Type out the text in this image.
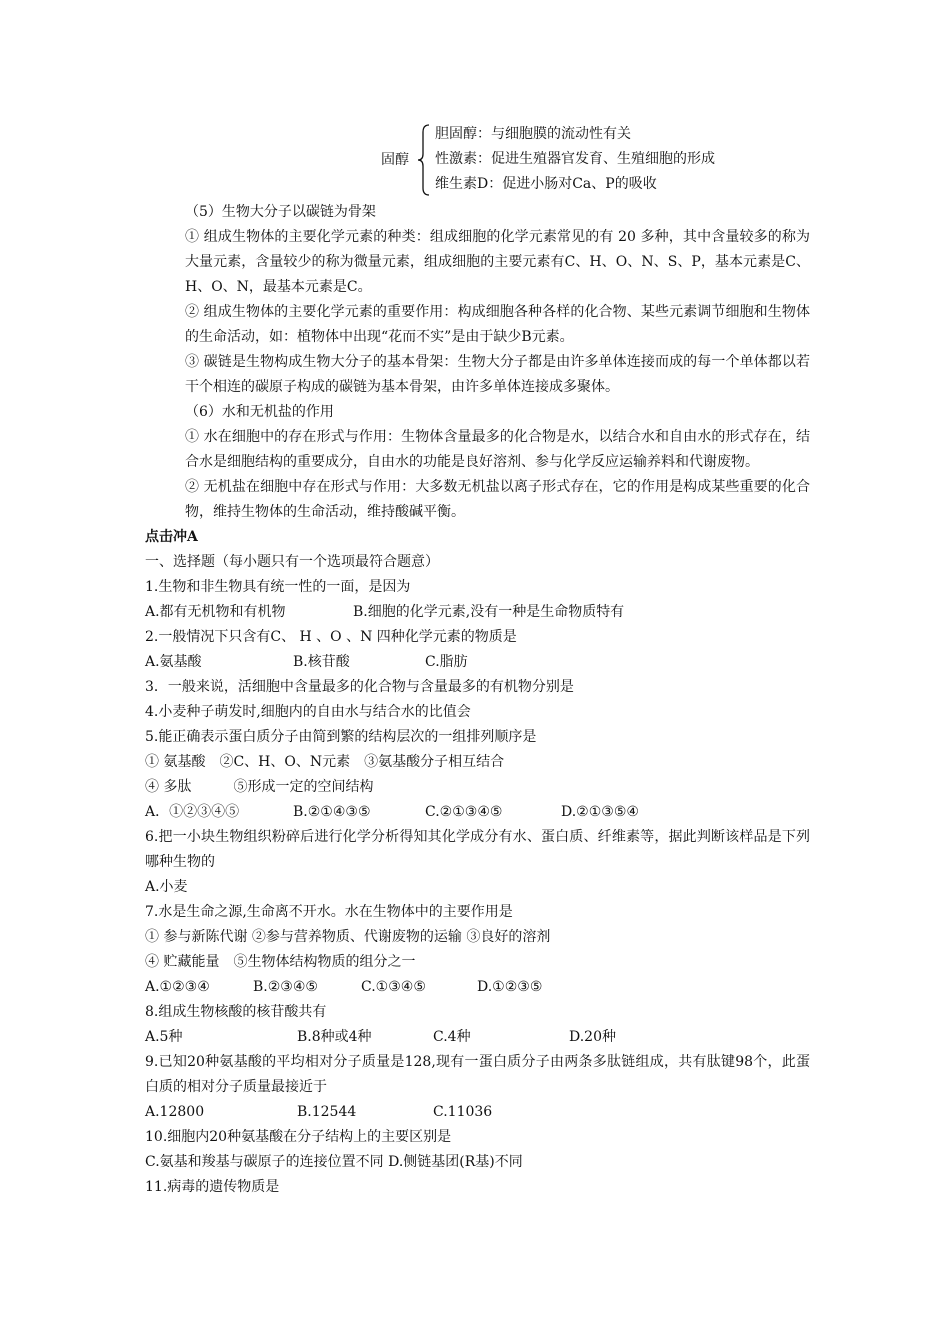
固醇
胆固醇：与细胞膜的流动性有关
性激素：促进生殖器官发育、生殖细胞的形成
维生素D：促进小肠对Ca、P的吸收
（5）生物大分子以碳链为骨架
① 组成生物体的主要化学元素的种类：组成细胞的化学元素常见的有 20 多种，其中含量较多的称为大量元素，含量较少的称为微量元素，组成细胞的主要元素有C、H、O、N、S、P，基本元素是C、H、O、N，最基本元素是C。
② 组成生物体的主要化学元素的重要作用：构成细胞各种各样的化合物、某些元素调节细胞和生物体的生命活动，如：植物体中出现“花而不实”是由于缺少B元素。
③ 碳链是生物构成生物大分子的基本骨架：生物大分子都是由许多单体连接而成的每一个单体都以若干个相连的碳原子构成的碳链为基本骨架，由许多单体连接成多聚体。
（6）水和无机盐的作用
① 水在细胞中的存在形式与作用：生物体含量最多的化合物是水，以结合水和自由水的形式存在，结合水是细胞结构的重要成分，自由水的功能是良好溶剂、参与化学反应运输养料和代谢废物。
② 无机盐在细胞中存在形式与作用：大多数无机盐以离子形式存在，它的作用是构成某些重要的化合物，维持生物体的生命活动，维持酸碱平衡。
点击冲A
一、选择题（每小题只有一个选项最符合题意）
1.生物和非生物具有统一性的一面，是因为
A.都有无机物和有机物	B.细胞的化学元素,没有一种是生命物质特有
2.一般情况下只含有C、 H 、O 、N 四种化学元素的物质是
A.氨基酸	B.核苷酸	C.脂肪
3．一般来说，活细胞中含量最多的化合物与含量最多的有机物分别是
4.小麦种子萌发时,细胞内的自由水与结合水的比值会
5.能正确表示蛋白质分子由简到繁的结构层次的一组排列顺序是
① 氨基酸　②C、H、O、N元素　③氨基酸分子相互结合
④ 多肽　　　⑤形成一定的空间结构
A．①②③④⑤	B.②①④③⑤	C.②①③④⑤	D.②①③⑤④
6.把一小块生物组织粉碎后进行化学分析得知其化学成分有水、蛋白质、纤维素等，据此判断该样品是下列哪种生物的
A.小麦
7.水是生命之源,生命离不开水。水在生物体中的主要作用是
① 参与新陈代谢 ②参与营养物质、代谢废物的运输 ③良好的溶剂
④ 贮藏能量　⑤生物体结构物质的组分之一
A.①②③④	B.②③④⑤	C.①③④⑤	D.①②③⑤
8.组成生物核酸的核苷酸共有
A.5种	B.8种或4种	C.4种	D.20种
9.已知20种氨基酸的平均相对分子质量是128,现有一蛋白质分子由两条多肽链组成，共有肽键98个，此蛋白质的相对分子质量最接近于
A.12800	B.12544	C.11036
10.细胞内20种氨基酸在分子结构上的主要区别是
C.氨基和羧基与碳原子的连接位置不同 D.侧链基团(R基)不同
11.病毒的遗传物质是
